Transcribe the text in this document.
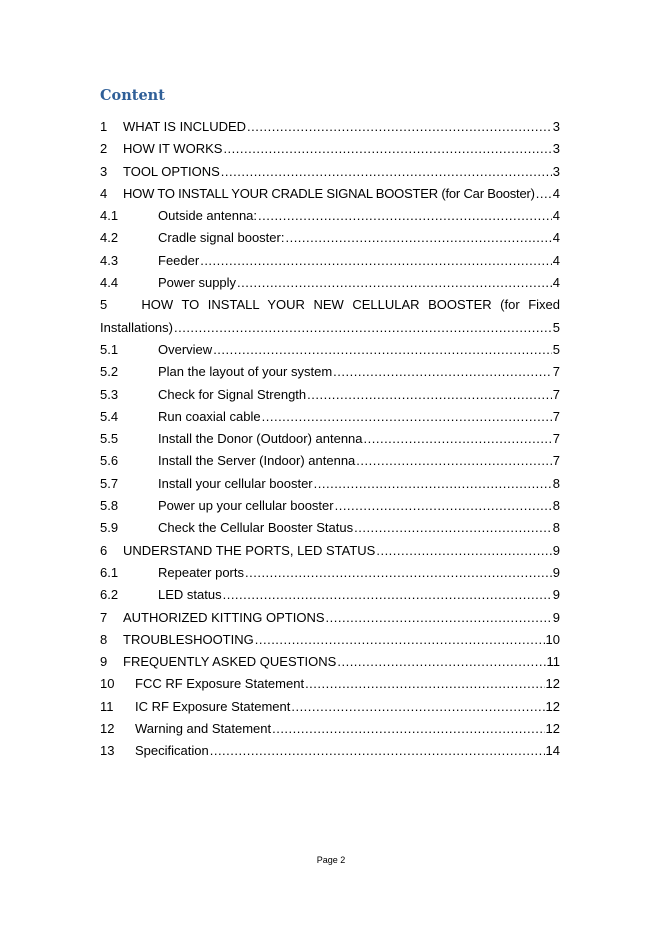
Content
1	WHAT IS INCLUDED .....	3
2	HOW IT WORKS .....	3
3	TOOL OPTIONS .....	3
4	HOW TO INSTALL YOUR CRADLE SIGNAL BOOSTER (for Car Booster) ..... 4
4.1	Outside antenna: .....	4
4.2	Cradle signal booster: .....	4
4.3	Feeder .....	4
4.4	Power supply .....	4
5	HOW TO INSTALL YOUR NEW CELLULAR BOOSTER (for Fixed
Installations) .....	5
5.1	Overview .....	5
5.2	Plan the layout of your system .....	7
5.3	Check for Signal Strength .....	7
5.4	Run coaxial cable .....	7
5.5	Install the Donor (Outdoor) antenna .....	7
5.6	Install the Server (Indoor) antenna .....	7
5.7	Install your cellular booster .....	8
5.8	Power up your cellular booster .....	8
5.9	Check the Cellular Booster Status .....	8
6	UNDERSTAND THE PORTS, LED STATUS .....	9
6.1	Repeater ports .....	9
6.2	LED status .....	9
7	AUTHORIZED KITTING OPTIONS .....	9
8	TROUBLESHOOTING .....	10
9	FREQUENTLY ASKED QUESTIONS .....	11
10	FCC RF Exposure Statement .....	12
11	IC RF Exposure Statement .....	12
12	Warning and Statement .....	12
13	Specification .....	14
Page 2
